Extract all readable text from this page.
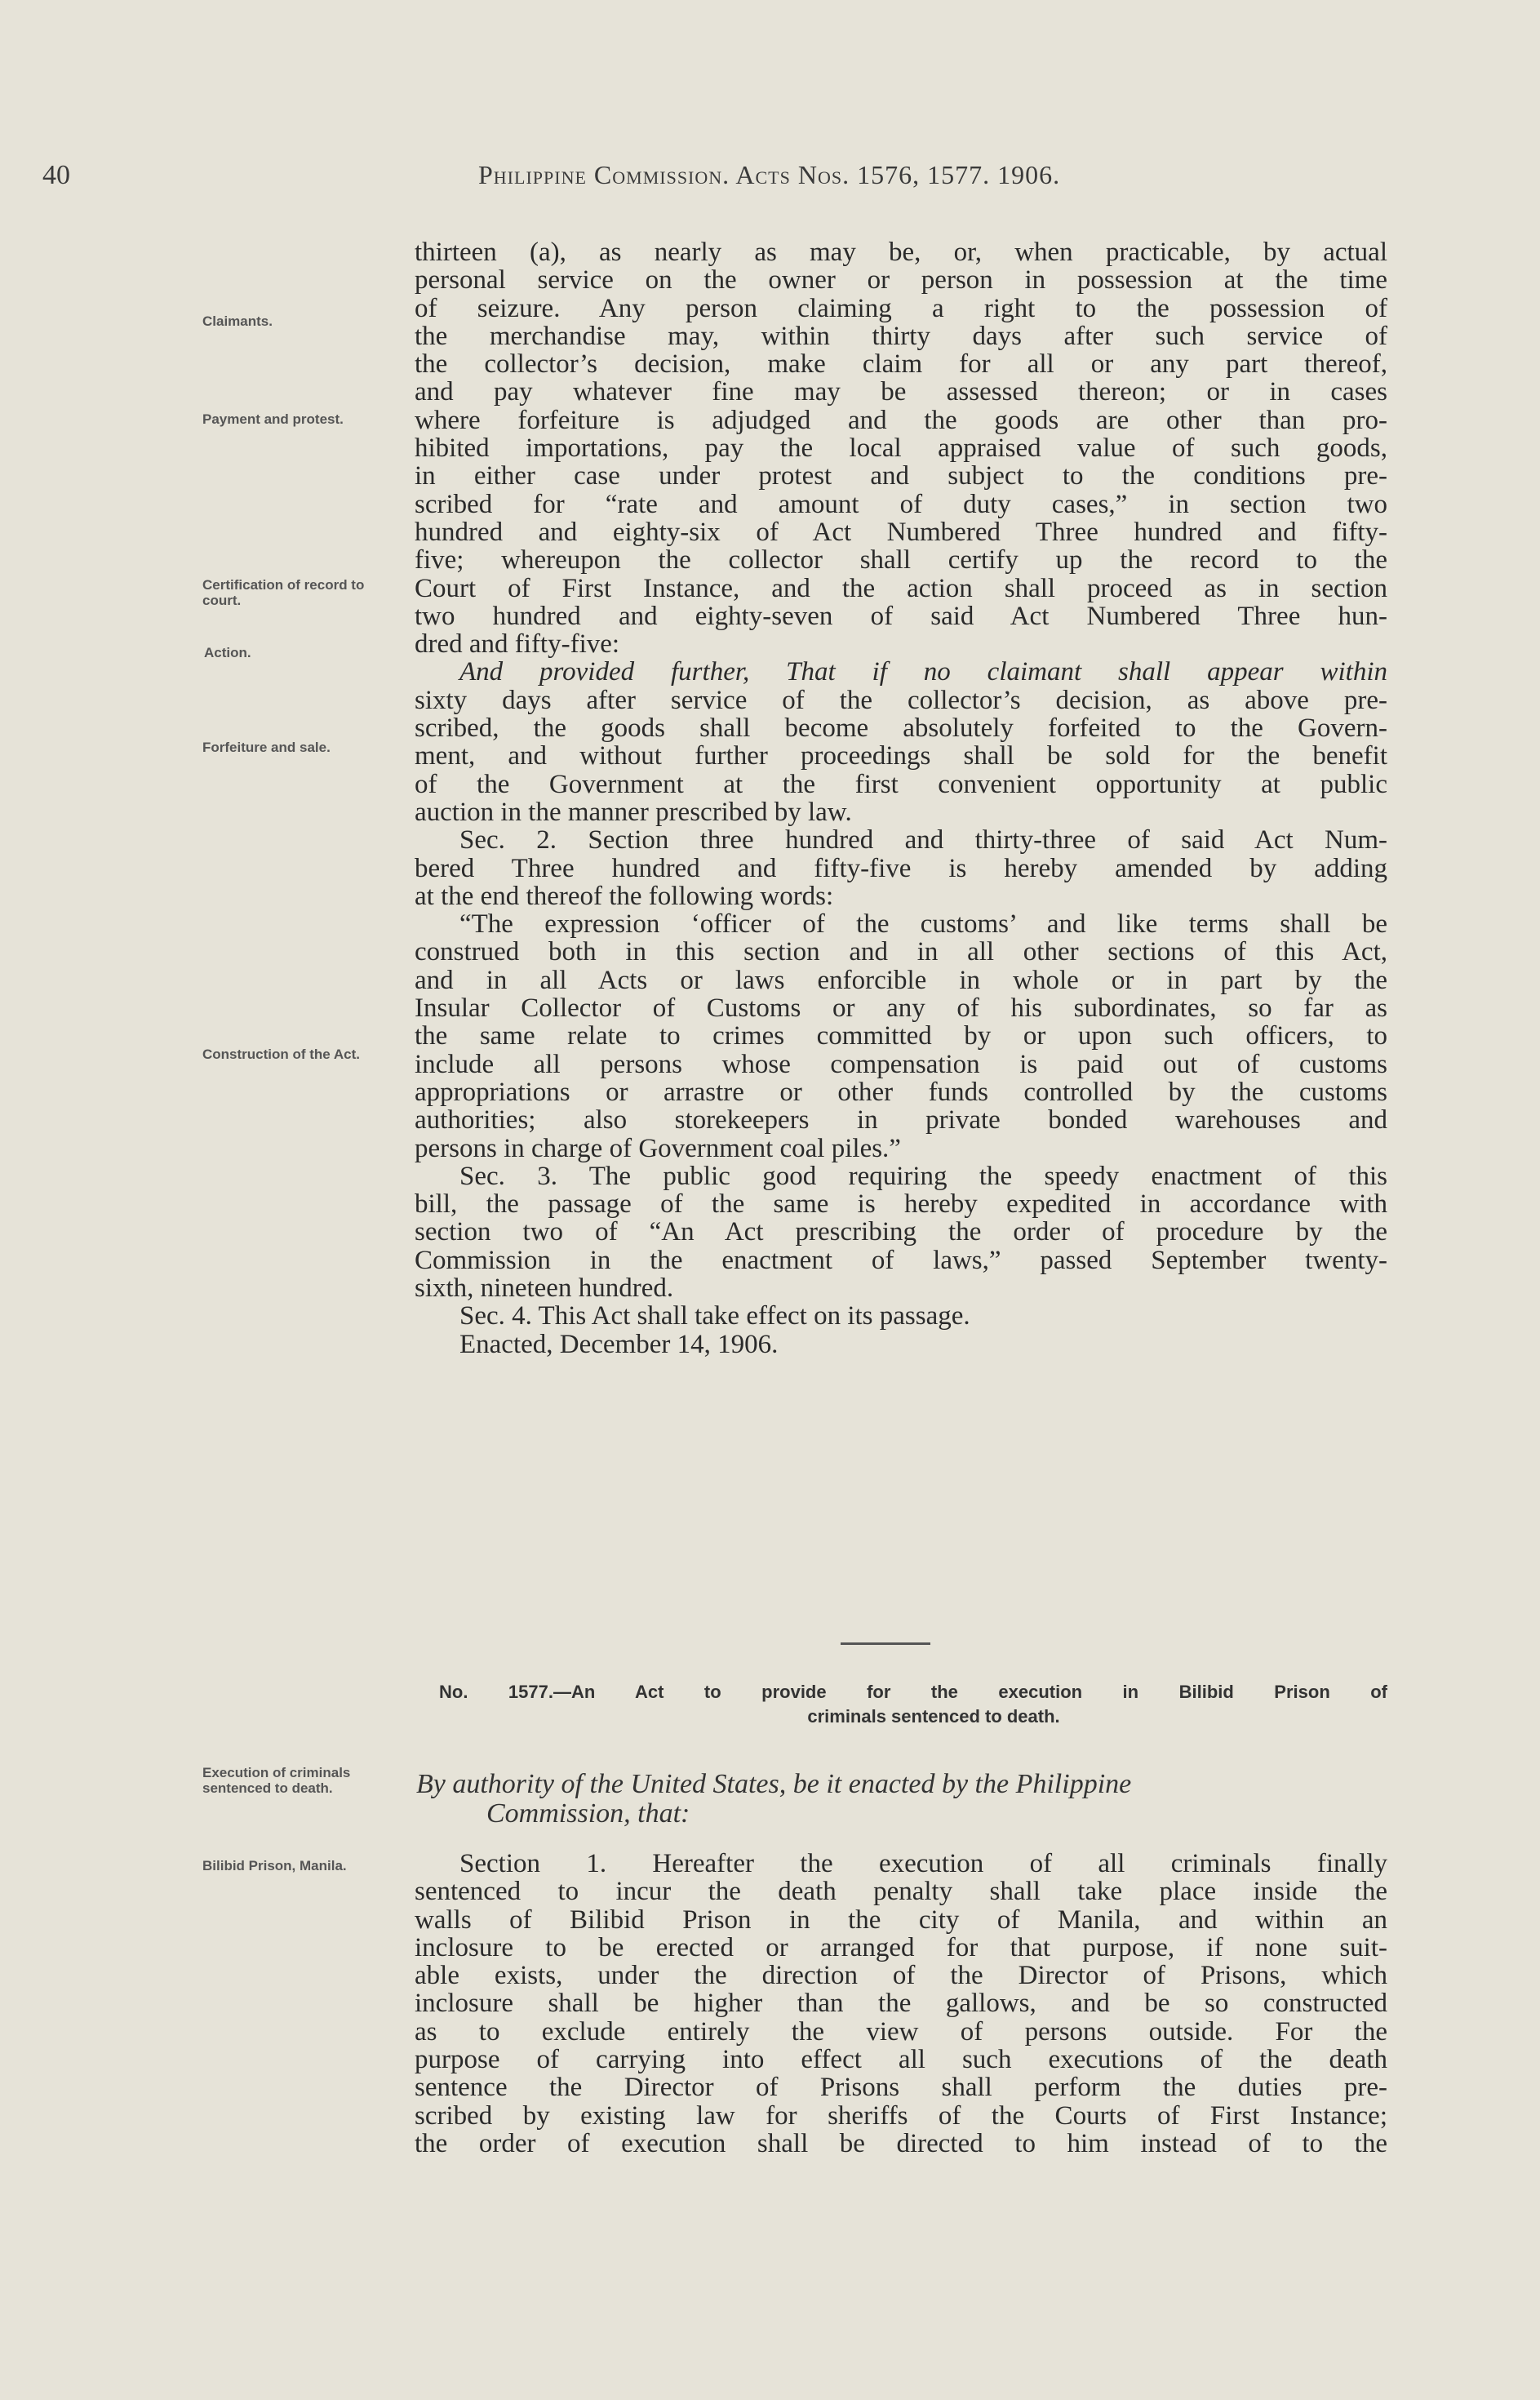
40	Philippine Commission. Acts Nos. 1576, 1577. 1906.
Claimants.
Payment and protest.
Certification of record to court.
Action.
Forfeiture and sale.
Construction of the Act.
Execution of criminals sentenced to death.
Bilibid Prison, Manila.
thirteen (a), as nearly as may be, or, when practicable, by actual
personal service on the owner or person in possession at the time
of seizure. Any person claiming a right to the possession of
the merchandise may, within thirty days after such service of
the collector’s decision, make claim for all or any part thereof,
and pay whatever fine may be assessed thereon; or in cases
where forfeiture is adjudged and the goods are other than pro-
hibited importations, pay the local appraised value of such goods,
in either case under protest and subject to the conditions pre-
scribed for “rate and amount of duty cases,” in section two
hundred and eighty-six of Act Numbered Three hundred and fifty-
five; whereupon the collector shall certify up the record to the
Court of First Instance, and the action shall proceed as in section
two hundred and eighty-seven of said Act Numbered Three hun-
dred and fifty-five:
And provided further, That if no claimant shall appear within
sixty days after service of the collector’s decision, as above pre-
scribed, the goods shall become absolutely forfeited to the Govern-
ment, and without further proceedings shall be sold for the benefit
of the Government at the first convenient opportunity at public
auction in the manner prescribed by law.
Sec. 2. Section three hundred and thirty-three of said Act Num-
bered Three hundred and fifty-five is hereby amended by adding
at the end thereof the following words:
“The expression ‘officer of the customs’ and like terms shall be
construed both in this section and in all other sections of this Act,
and in all Acts or laws enforcible in whole or in part by the
Insular Collector of Customs or any of his subordinates, so far as
the same relate to crimes committed by or upon such officers, to
include all persons whose compensation is paid out of customs
appropriations or arrastre or other funds controlled by the customs
authorities; also storekeepers in private bonded warehouses and
persons in charge of Government coal piles.”
Sec. 3. The public good requiring the speedy enactment of this
bill, the passage of the same is hereby expedited in accordance with
section two of “An Act prescribing the order of procedure by the
Commission in the enactment of laws,” passed September twenty-
sixth, nineteen hundred.
Sec. 4. This Act shall take effect on its passage.
Enacted, December 14, 1906.
No. 1577.—An Act to provide for the execution in Bilibid Prison of
criminals sentenced to death.
By authority of the United States, be it enacted by the Philippine
Commission, that:
Section 1. Hereafter the execution of all criminals finally
sentenced to incur the death penalty shall take place inside the
walls of Bilibid Prison in the city of Manila, and within an
inclosure to be erected or arranged for that purpose, if none suit-
able exists, under the direction of the Director of Prisons, which
inclosure shall be higher than the gallows, and be so constructed
as to exclude entirely the view of persons outside. For the
purpose of carrying into effect all such executions of the death
sentence the Director of Prisons shall perform the duties pre-
scribed by existing law for sheriffs of the Courts of First Instance;
the order of execution shall be directed to him instead of to the
